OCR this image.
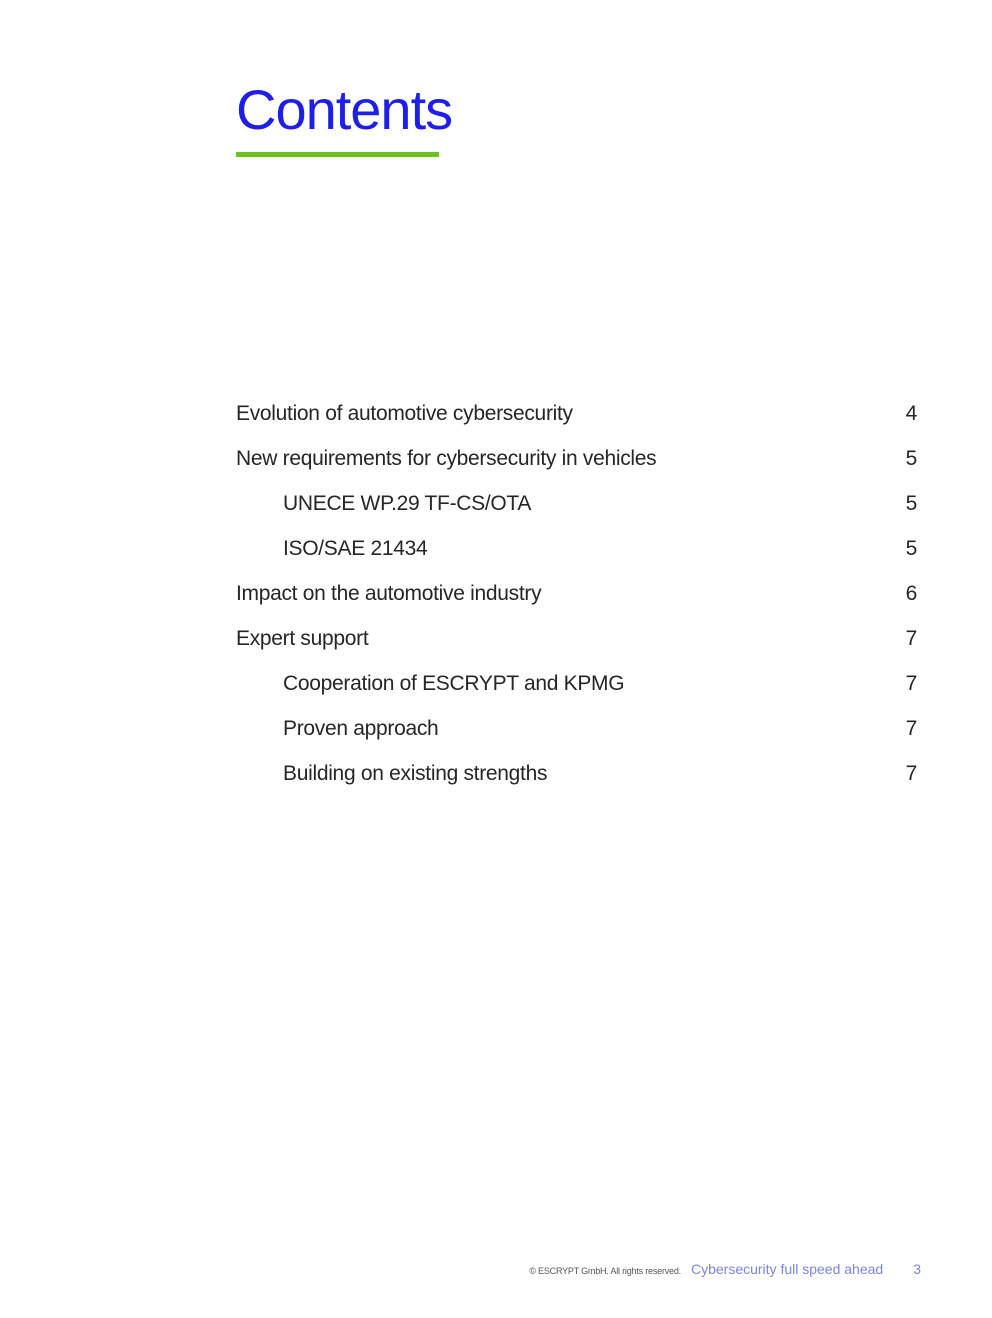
Contents
Evolution of automotive cybersecurity	4
New requirements for cybersecurity in vehicles	5
UNECE WP.29 TF-CS/OTA	5
ISO/SAE 21434	5
Impact on the automotive industry	6
Expert support	7
Cooperation of ESCRYPT and KPMG	7
Proven approach	7
Building on existing strengths	7
© ESCRYPT GmbH. All rights reserved. Cybersecurity full speed ahead 3
